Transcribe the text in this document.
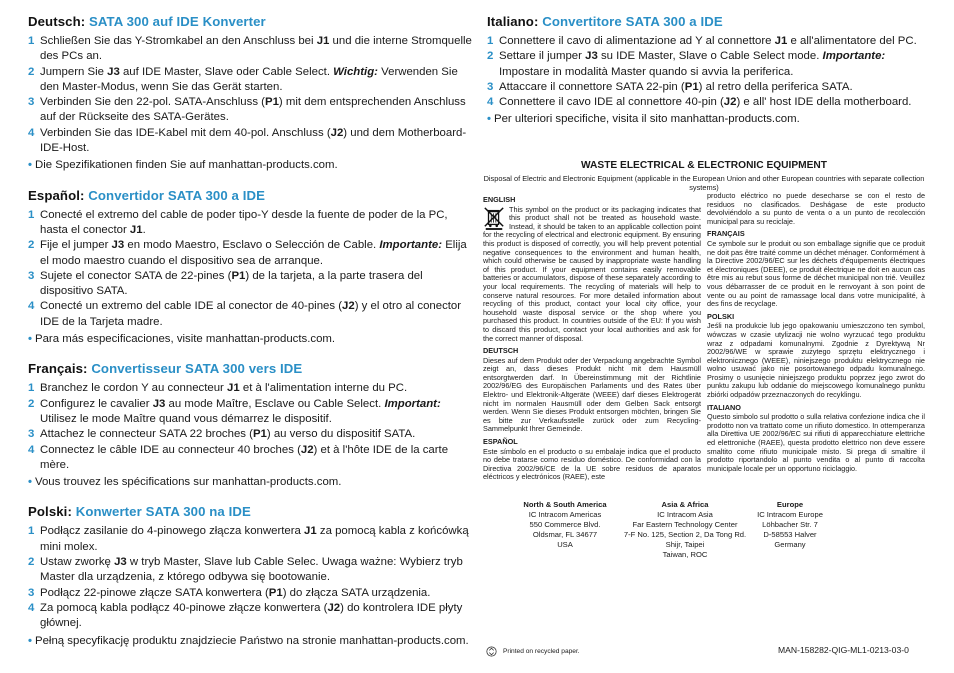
Deutsch: SATA 300 auf IDE Konverter
1 Schließen Sie das Y-Stromkabel an den Anschluss bei J1 und die interne Stromquelle des PCs an.
2 Jumpern Sie J3 auf IDE Master, Slave oder Cable Select. Wichtig: Verwenden Sie den Master-Modus, wenn Sie das Gerät starten.
3 Verbinden Sie den 22-pol. SATA-Anschluss (P1) mit dem entsprechenden Anschluss auf der Rückseite des SATA-Gerätes.
4 Verbinden Sie das IDE-Kabel mit dem 40-pol. Anschluss (J2) und dem Motherboard-IDE-Host.
• Die Spezifikationen finden Sie auf manhattan-products.com.
Español: Convertidor SATA 300 a IDE
1 Conecté el extremo del cable de poder tipo-Y desde la fuente de poder de la PC, hasta el conector J1.
2 Fije el jumper J3 en modo Maestro, Esclavo o Selección de Cable. Importante: Elija el modo maestro cuando el dispositivo sea de arranque.
3 Sujete el conector SATA de 22-pines (P1) de la tarjeta, a la parte trasera del dispositivo SATA.
4 Conecté un extremo del cable IDE al conector de 40-pines (J2) y el otro al conector IDE de la Tarjeta madre.
• Para más especificaciones, visite manhattan-products.com.
Français: Convertisseur SATA 300 vers IDE
1 Branchez le cordon Y au connecteur J1 et à l'alimentation interne du PC.
2 Configurez le cavalier J3 au mode Maître, Esclave ou Cable Select. Important: Utilisez le mode Maître quand vous démarrez le dispositif.
3 Attachez le connecteur SATA 22 broches (P1) au verso du dispositif SATA.
4 Connectez le câble IDE au connecteur 40 broches (J2) et à l'hôte IDE de la carte mère.
• Vous trouvez les spécifications sur manhattan-products.com.
Polski: Konwerter SATA 300 na IDE
1 Podłącz zasilanie do 4-pinowego złącza konwertera J1 za pomocą kabla z końcówką mini molex.
2 Ustaw zworkę J3 w tryb Master, Slave lub Cable Selec. Uwaga ważne: Wybierz tryb Master dla urządzenia, z którego odbywa się bootowanie.
3 Podłącz 22-pinowe złącze SATA konwertera (P1) do złącza SATA urządzenia.
4 Za pomocą kabla podłącz 40-pinowe złącze konwertera (J2) do kontrolera IDE płyty głównej.
• Pełną specyfikację produktu znajdziecie Państwo na stronie manhattan-products.com.
Italiano: Convertitore SATA 300 a IDE
1 Connettere il cavo di alimentazione ad Y al connettore J1 e all'alimentatore del PC.
2 Settare il jumper J3 su IDE Master, Slave o Cable Select mode. Importante: Impostare in modalità Master quando si avvia la periferica.
3 Attaccare il connettore SATA 22-pin (P1) al retro della periferica SATA.
4 Connettere il cavo IDE al connettore 40-pin (J2) e all' host IDE della motherboard.
• Per ulteriori specifiche, visita il sito manhattan-products.com.
WASTE ELECTRICAL & ELECTRONIC EQUIPMENT
Disposal of Electric and Electronic Equipment (applicable in the European Union and other European countries with separate collection systems)
ENGLISH

This symbol on the product or its packaging indicates that this product shall not be treated as household waste. Instead, it should be taken to an applicable collection point for the recycling of electrical and electronic equipment. By ensuring this product is disposed of correctly, you will help prevent potential negative consequences to the environment and human health, which could otherwise be caused by inappropriate waste handling of this product. If your equipment contains easily removable batteries or accumulators, dispose of these separately according to your local requirements. The recycling of materials will help to conserve natural resources. For more detailed information about recycling of this product, contact your local city office, your household waste disposal service or the shop where you purchased this product. In countries outside of the EU: If you wish to discard this product, contact your local authorities and ask for the correct manner of disposal.

DEUTSCH

Dieses auf dem Produkt oder der Verpackung angebrachte Symbol zeigt an, dass dieses Produkt nicht mit dem Hausmüll entsorgtwerden darf. In Übereinstimmung mit der Richtlinie 2002/96/EG des Europäischen Parlaments und des Rates über Elektro- und Elektronik-Altgeräte (WEEE) darf dieses Elektrogerät nicht im normalen Hausmüll oder dem Gelben Sack entsorgt werden. Wenn Sie dieses Produkt entsorgen möchten, bringen Sie es bitte zur Verkaufsstelle zurück oder zum Recycling-Sammelpunkt Ihrer Gemeinde.

ESPAÑOL

Este símbolo en el producto o su embalaje indica que el producto no debe tratarse como residuo doméstico. De conformidad con la Directiva 2002/96/CE de la UE sobre residuos de aparatos eléctricos y electrónicos (RAEE), este

producto eléctrico no puede desecharse se con el resto de residuos no clasificados. Deshágase de este producto devolviéndolo a su punto de venta o a un punto de recolección municipal para su reciclaje.

FRANÇAIS

Ce symbole sur le produit ou son emballage signifie que ce produit ne doit pas être traité comme un déchet ménager. Conformément à la Directive 2002/96/EC sur les déchets d'équipements électriques et électroniques (DEEE), ce produit électrique ne doit en aucun cas être mis au rebut sous forme de déchet municipal non trié. Veuillez vous débarrasser de ce produit en le renvoyant à son point de vente ou au point de ramassage local dans votre municipalité, à des fins de recyclage.

POLSKI

Jeśli na produkcie lub jego opakowaniu umieszczono ten symbol, wówczas w czasie utylizacji nie wolno wyrzucać tego produktu wraz z odpadami komunalnymi. Zgodnie z Dyrektywą Nr 2002/96/WE w sprawie zużytego sprzętu elektrycznego i elektronicznego (WEEE), niniejszego produktu elektrycznego nie wolno usuwać jako nie posortowanego odpadu komunalnego. Prosimy o usunięcie niniejszego produktu poprzez jego zwrot do punktu zakupu lub oddanie do miejscowego komunalnego punktu zbiórki odpadów przeznaczonych do recyklingu.

ITALIANO

Questo simbolo sul prodotto o sulla relativa confezione indica che il prodotto non va trattato come un rifiuto domestico. In ottemperanza alla Direttiva UE 2002/96/EC sui rifiuti di apparecchiature elettriche ed elettroniche (RAEE), questa prodotto elettrico non deve essere smaltito come rifiuto municipale misto. Si prega di smaltire il prodotto riportandolo al punto vendita o al punto di raccolta municipale locale per un opportuno riciclaggio.

North & South America
IC Intracom Americas
550 Commerce Blvd.
Oldsmar, FL 34677
USA
Asia & Africa
IC Intracom Asia
Far Eastern Technology Center
7-F No. 125, Section 2, Da Tong Rd.
Shijr, Taipei
Taiwan, ROC
Europe
IC Intracom Europe
Löhbacher Str. 7
D-58553 Halver
Germany
Printed on recycled paper.	MAN-158282-QIG-ML1-0213-03-0
